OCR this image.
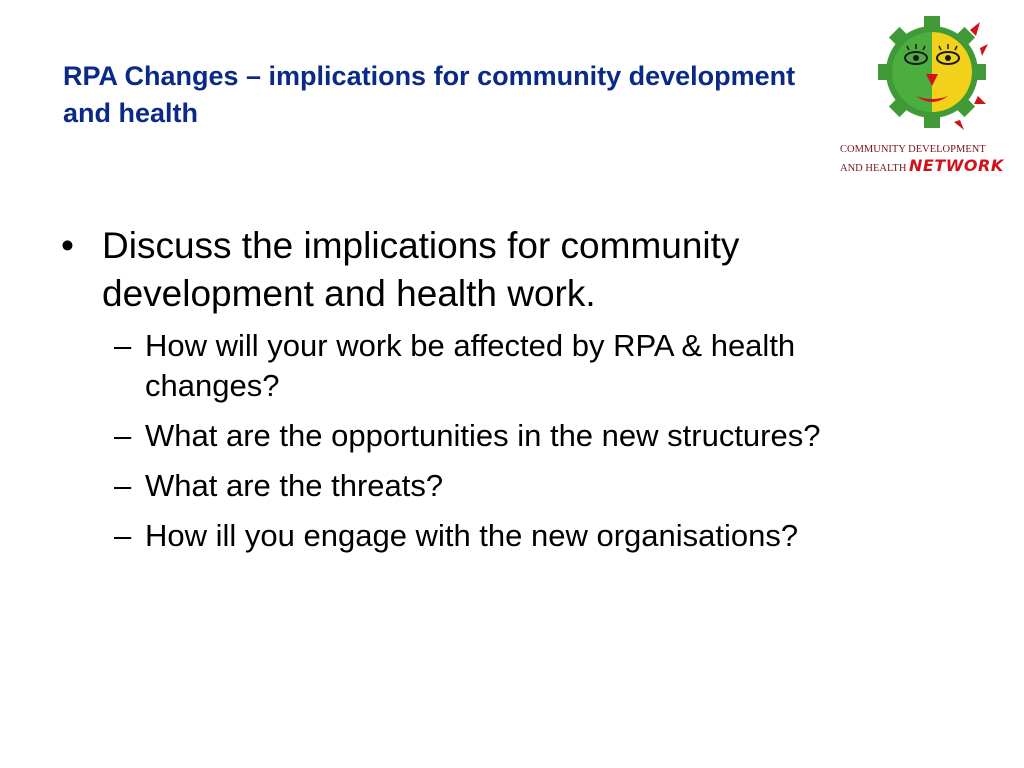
RPA Changes – implications for community development and health
COMMUNITY DEVELOPMENT
AND HEALTH NETWORK

• Discuss the implications for community development and health work.

– How will your work be affected by RPA & health changes?
– What are the opportunities in the new structures?
– What are the threats?
– How ill you engage with the new organisations?
